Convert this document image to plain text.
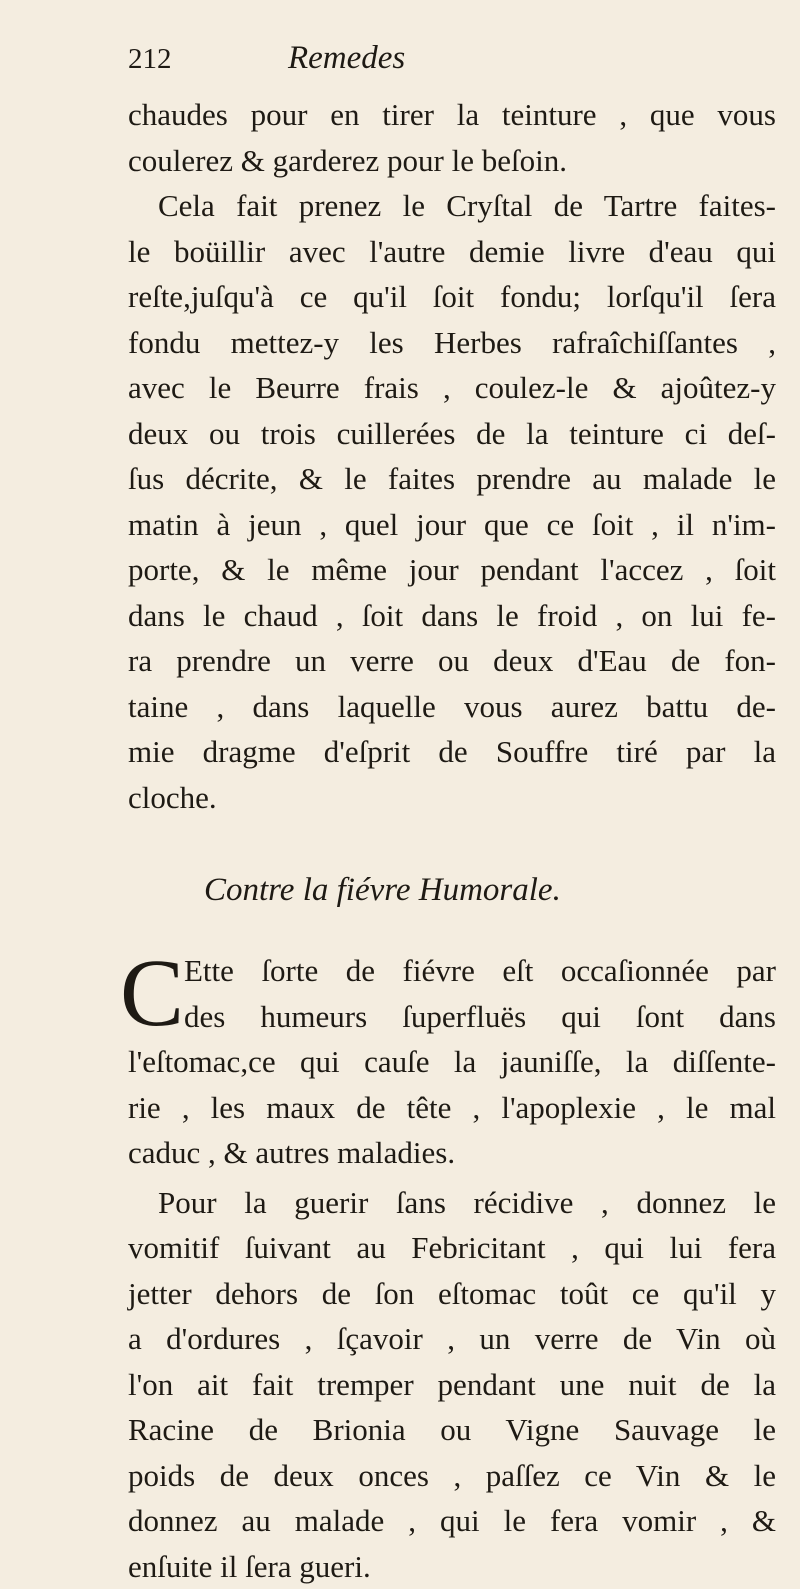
212	Remedes
chaudes pour en tirer la teinture , que vous
coulerez & garderez pour le beſoin.
Cela fait prenez le Cryſtal de Tartre faites-
le boüillir avec l'autre demie livre d'eau qui
reſte,juſqu'à ce qu'il ſoit fondu; lorſqu'il ſera
fondu mettez-y les Herbes rafraîchiſſantes ,
avec le Beurre frais , coulez-le & ajoûtez-y
deux ou trois cuillerées de la teinture ci deſ-
ſus décrite, & le faites prendre au malade le
matin à jeun , quel jour que ce ſoit , il n'im-
porte, & le même jour pendant l'accez , ſoit
dans le chaud , ſoit dans le froid , on lui fe-
ra prendre un verre ou deux d'Eau de fon-
taine , dans laquelle vous aurez battu de-
mie dragme d'eſprit de Souffre tiré par la
cloche.
Contre la fiévre Humorale.
C Ette ſorte de fiévre eſt occaſionnée par
des humeurs ſuperfluës qui ſont dans
l'eſtomac,ce qui cauſe la jauniſſe, la diſſente-
rie , les maux de tête , l'apoplexie , le mal
caduc , & autres maladies.
Pour la guerir ſans récidive , donnez le
vomitif ſuivant au Febricitant , qui lui fera
jetter dehors de ſon eſtomac toût ce qu'il y
a d'ordures , ſçavoir , un verre de Vin où
l'on ait fait tremper pendant une nuit de la
Racine de Brionia ou Vigne Sauvage le
poids de deux onces , paſſez ce Vin & le
donnez au malade , qui le fera vomir , &
enſuite il ſera gueri.
